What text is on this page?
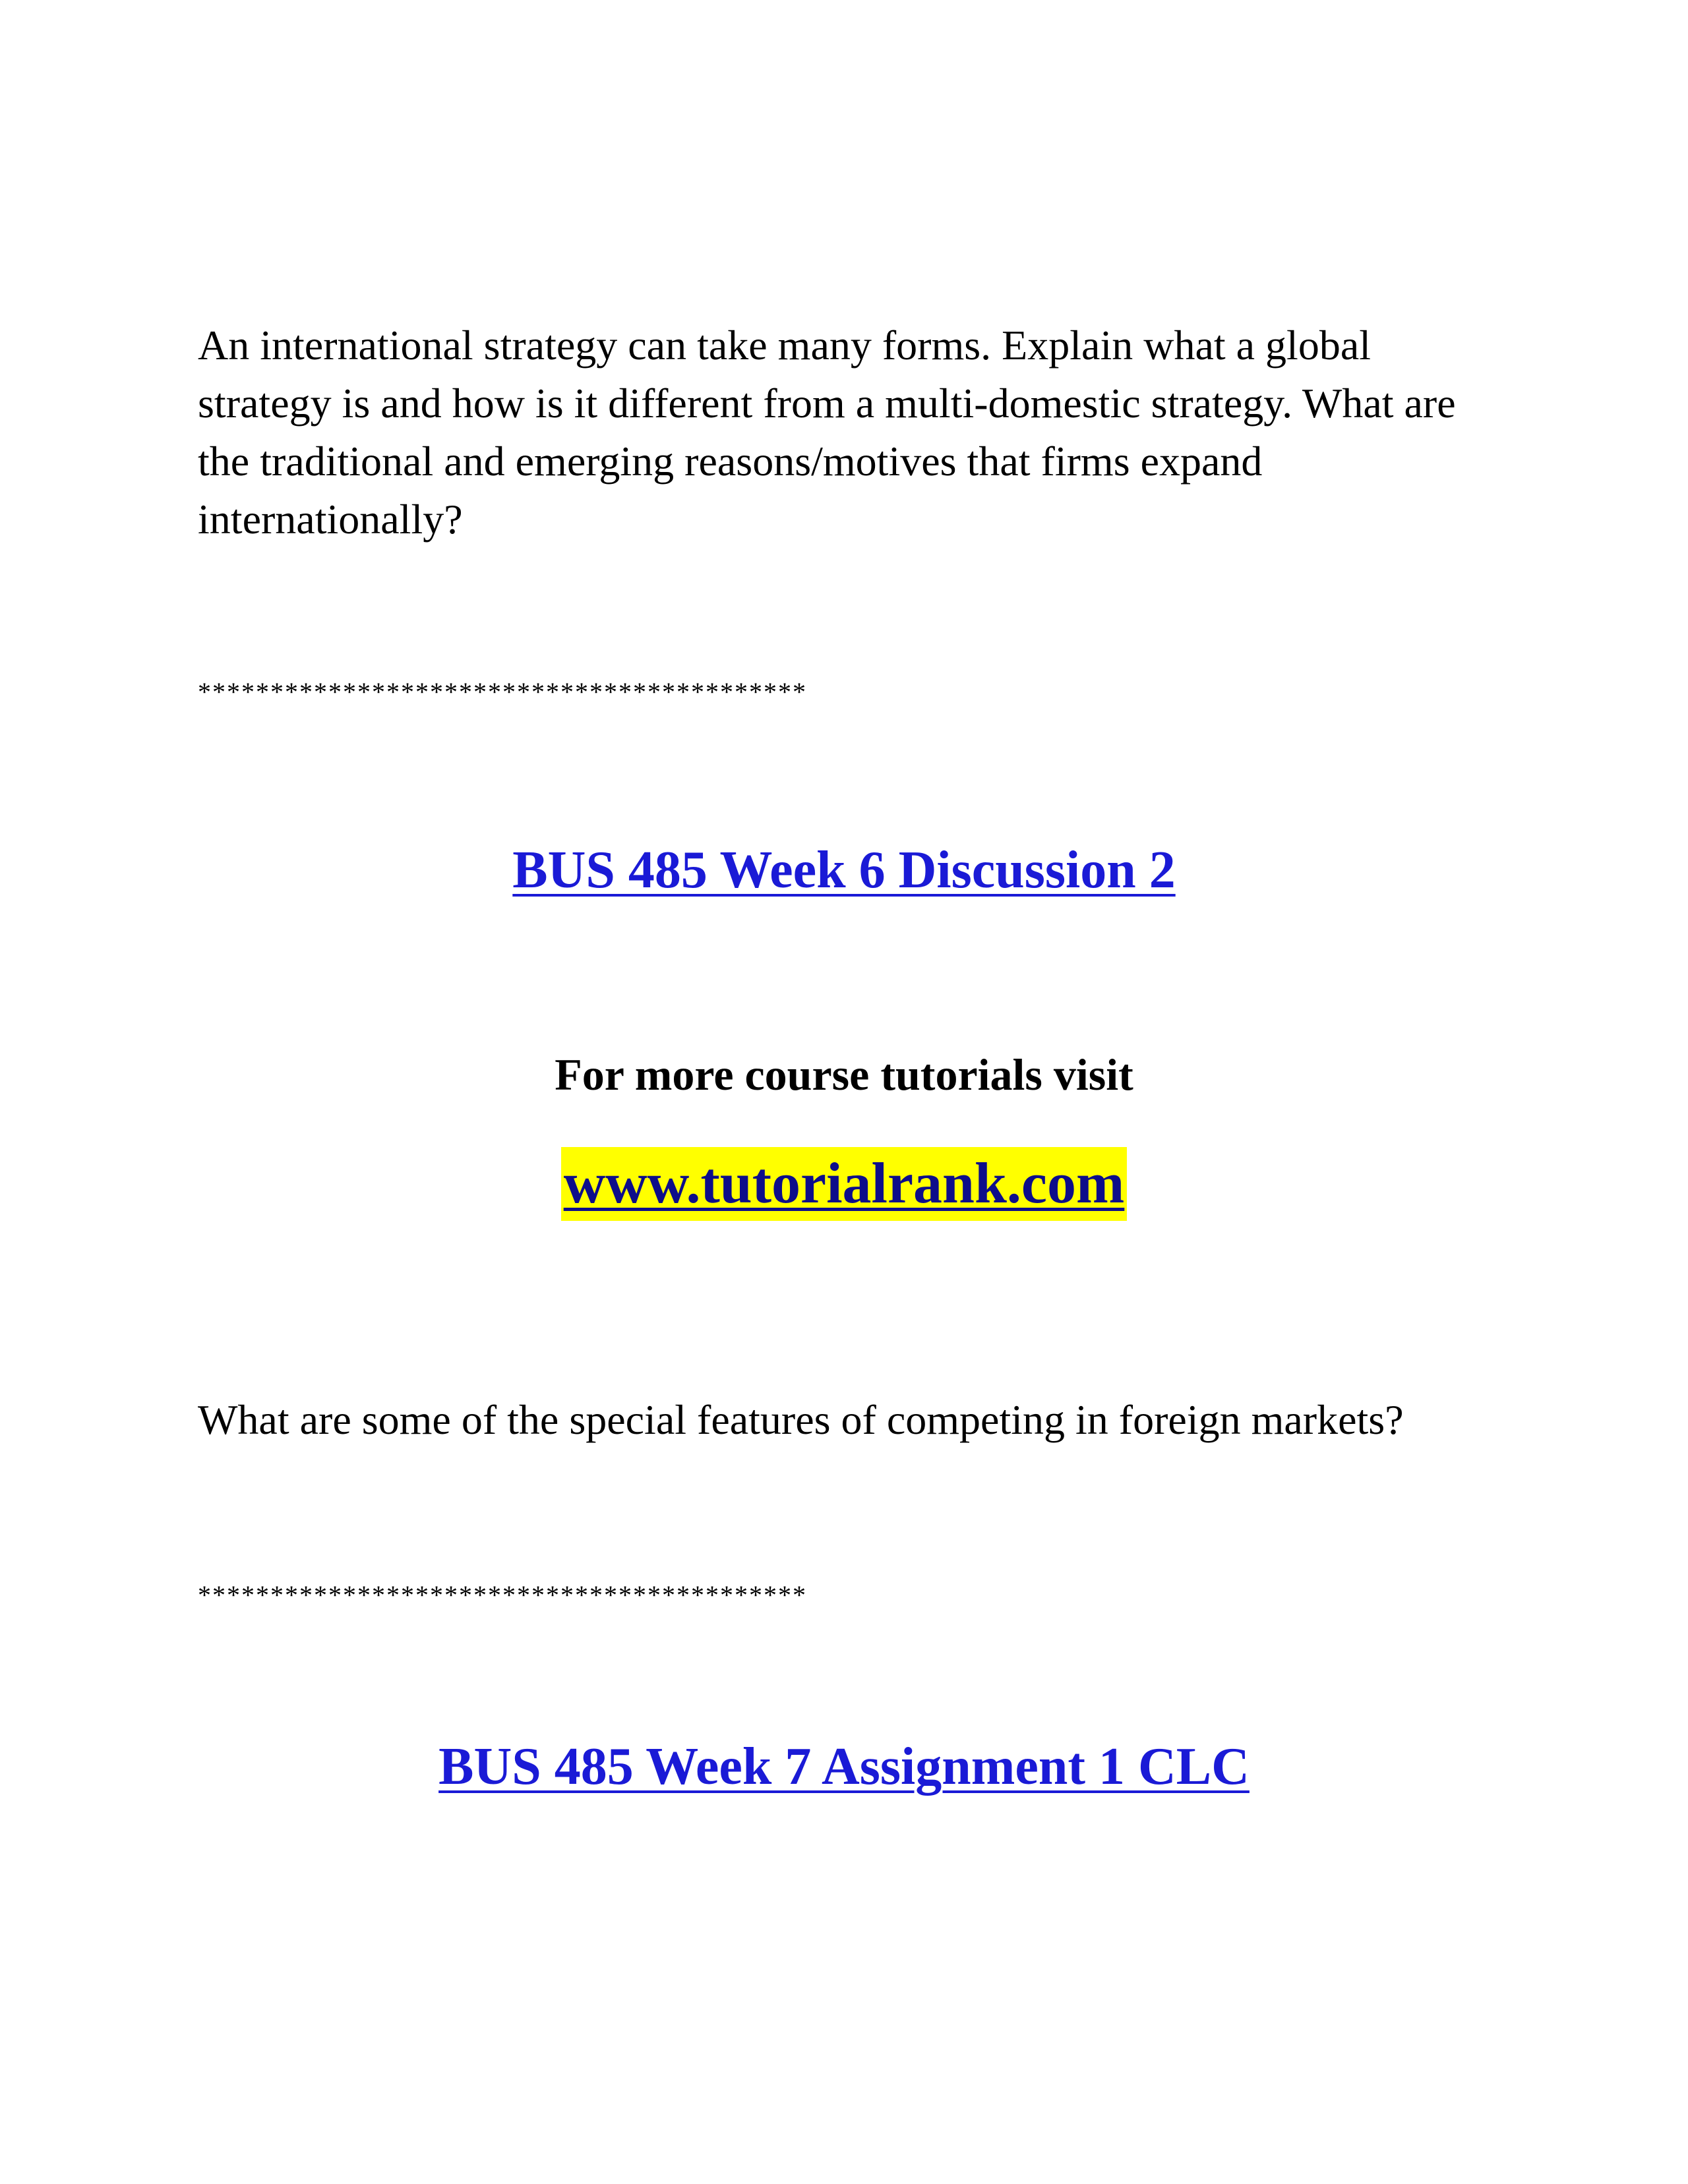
An international strategy can take many forms. Explain what a global strategy is and how is it different from a multi-domestic strategy. What are the traditional and emerging reasons/motives that firms expand internationally?

******************************************
BUS 485 Week 6 Discussion 2

For more course tutorials visit

www.tutorialrank.com

What are some of the special features of competing in foreign markets?

******************************************
BUS 485 Week 7 Assignment 1 CLC
